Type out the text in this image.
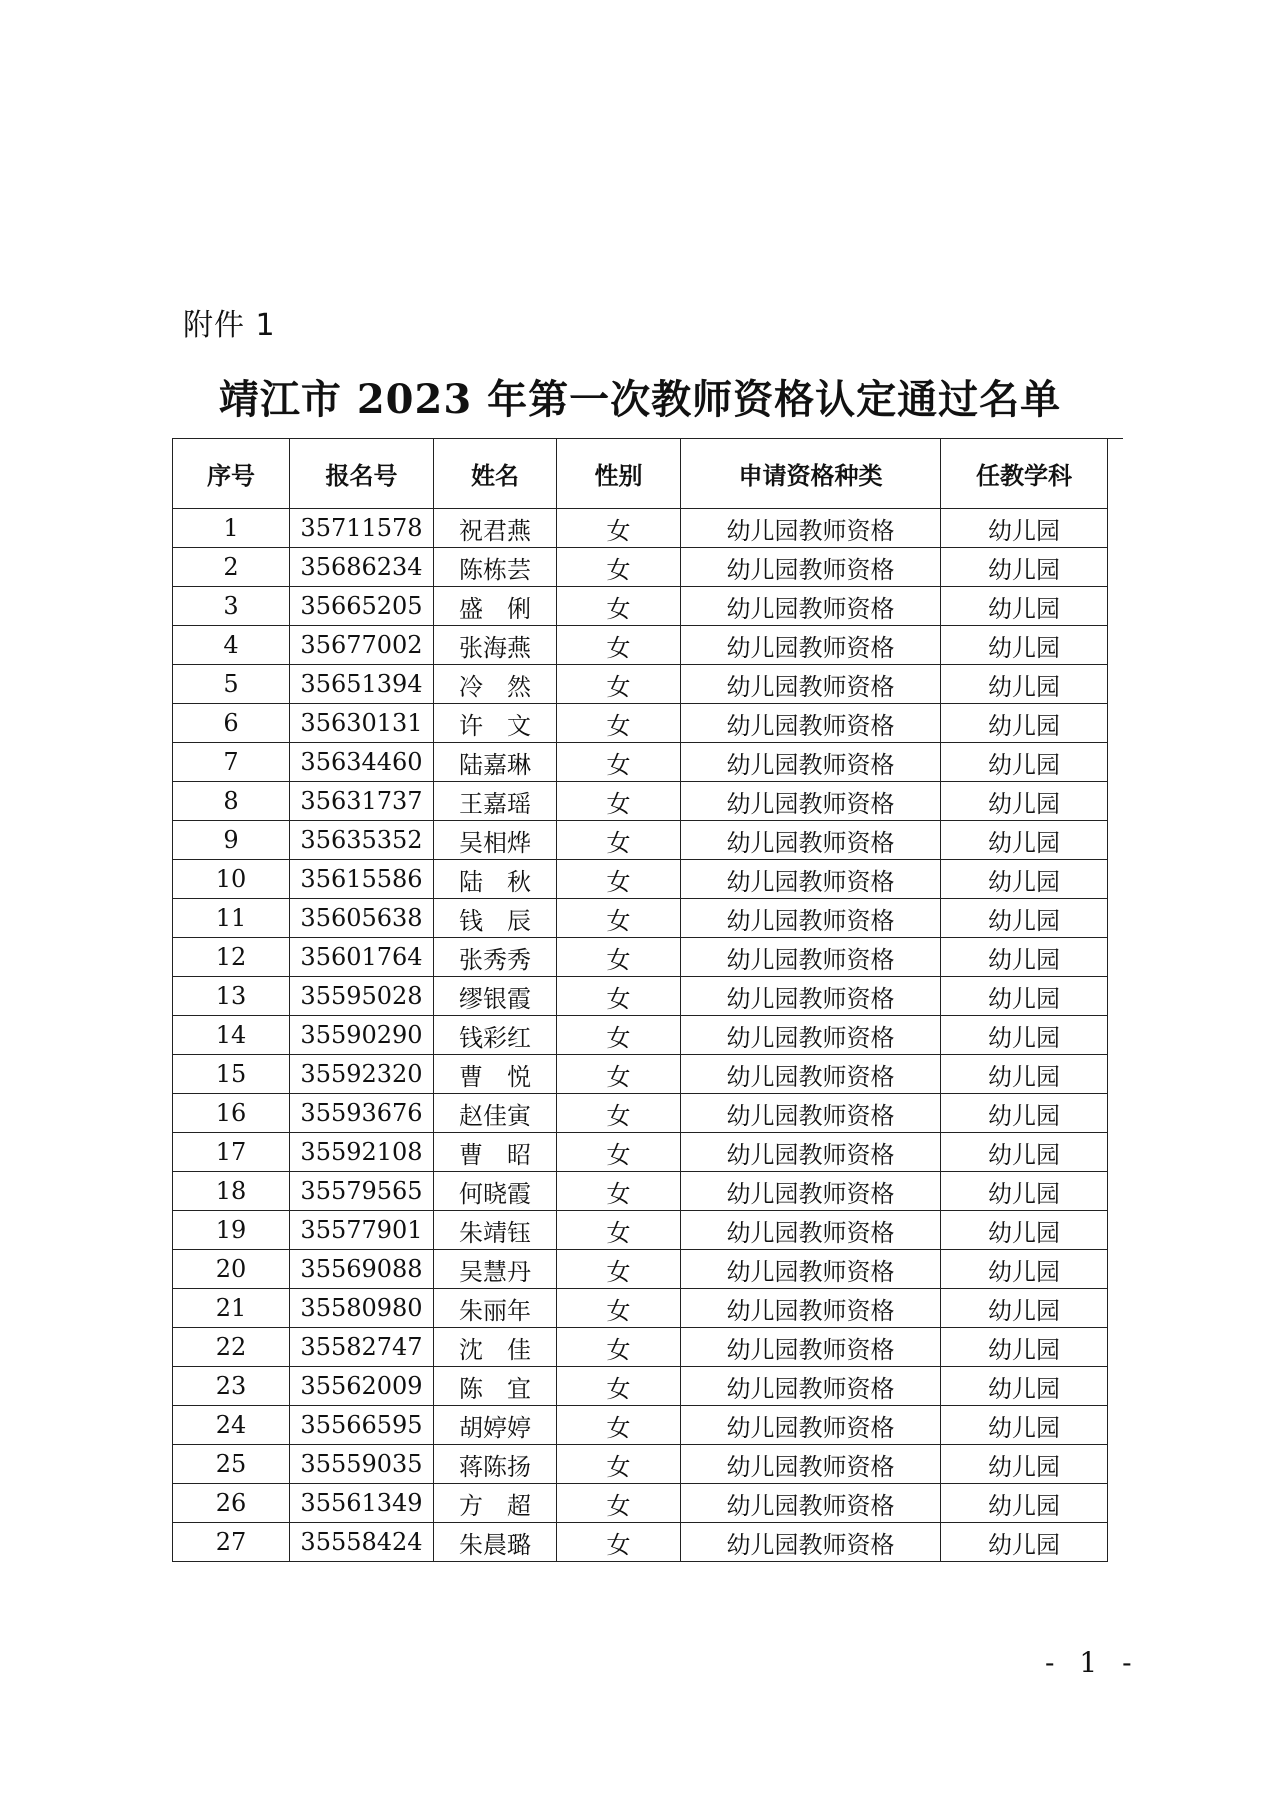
附件 1
靖江市 2023 年第一次教师资格认定通过名单
序号	报名号	姓名	性别	申请资格种类	任教学科
1	35711578	祝君燕	女	幼儿园教师资格	幼儿园
2	35686234	陈栋芸	女	幼儿园教师资格	幼儿园
3	35665205	盛　俐	女	幼儿园教师资格	幼儿园
4	35677002	张海燕	女	幼儿园教师资格	幼儿园
5	35651394	冷　然	女	幼儿园教师资格	幼儿园
6	35630131	许　文	女	幼儿园教师资格	幼儿园
7	35634460	陆嘉琳	女	幼儿园教师资格	幼儿园
8	35631737	王嘉瑶	女	幼儿园教师资格	幼儿园
9	35635352	吴相烨	女	幼儿园教师资格	幼儿园
10	35615586	陆　秋	女	幼儿园教师资格	幼儿园
11	35605638	钱　辰	女	幼儿园教师资格	幼儿园
12	35601764	张秀秀	女	幼儿园教师资格	幼儿园
13	35595028	缪银霞	女	幼儿园教师资格	幼儿园
14	35590290	钱彩红	女	幼儿园教师资格	幼儿园
15	35592320	曹　悦	女	幼儿园教师资格	幼儿园
16	35593676	赵佳寅	女	幼儿园教师资格	幼儿园
17	35592108	曹　昭	女	幼儿园教师资格	幼儿园
18	35579565	何晓霞	女	幼儿园教师资格	幼儿园
19	35577901	朱靖钰	女	幼儿园教师资格	幼儿园
20	35569088	吴慧丹	女	幼儿园教师资格	幼儿园
21	35580980	朱丽年	女	幼儿园教师资格	幼儿园
22	35582747	沈　佳	女	幼儿园教师资格	幼儿园
23	35562009	陈　宜	女	幼儿园教师资格	幼儿园
24	35566595	胡婷婷	女	幼儿园教师资格	幼儿园
25	35559035	蒋陈扬	女	幼儿园教师资格	幼儿园
26	35561349	方　超	女	幼儿园教师资格	幼儿园
27	35558424	朱晨璐	女	幼儿园教师资格	幼儿园
- 1 -
